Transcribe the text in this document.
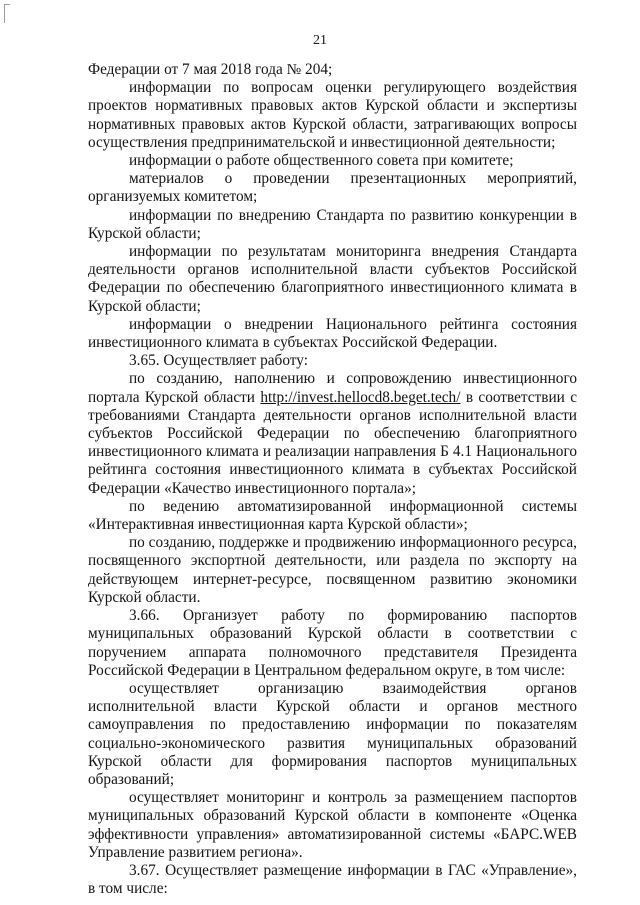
21

Федерации от 7 мая 2018 года № 204;

информации по вопросам оценки регулирующего воздействия проектов нормативных правовых актов Курской области и экспертизы нормативных правовых актов Курской области, затрагивающих вопросы осуществления предпринимательской и инвестиционной деятельности;

информации о работе общественного совета при комитете;

материалов о проведении презентационных мероприятий, организуемых комитетом;

информации по внедрению Стандарта по развитию конкуренции в Курской области;

информации по результатам мониторинга внедрения Стандарта деятельности органов исполнительной власти субъектов Российской Федерации по обеспечению благоприятного инвестиционного климата в Курской области;

информации о внедрении Национального рейтинга состояния инвестиционного климата в субъектах Российской Федерации.

3.65. Осуществляет работу:

по созданию, наполнению и сопровождению инвестиционного портала Курской области http://invest.hellocd8.beget.tech/ в соответствии с требованиями Стандарта деятельности органов исполнительной власти субъектов Российской Федерации по обеспечению благоприятного инвестиционного климата и реализации направления Б 4.1 Национального рейтинга состояния инвестиционного климата в субъектах Российской Федерации «Качество инвестиционного портала»;

по ведению автоматизированной информационной системы «Интерактивная инвестиционная карта Курской области»;

по созданию, поддержке и продвижению информационного ресурса, посвященного экспортной деятельности, или раздела по экспорту на действующем интернет-ресурсе, посвященном развитию экономики Курской области.

3.66. Организует работу по формированию паспортов муниципальных образований Курской области в соответствии с поручением аппарата полномочного представителя Президента Российской Федерации в Центральном федеральном округе, в том числе:

осуществляет организацию взаимодействия органов исполнительной власти Курской области и органов местного самоуправления по предоставлению информации по показателям социально-экономического развития муниципальных образований Курской области для формирования паспортов муниципальных образований;

осуществляет мониторинг и контроль за размещением паспортов муниципальных образований Курской области в компоненте «Оценка эффективности управления» автоматизированной системы «БАРС.WEB Управление развитием региона».

3.67. Осуществляет размещение информации в ГАС «Управление», в том числе:
